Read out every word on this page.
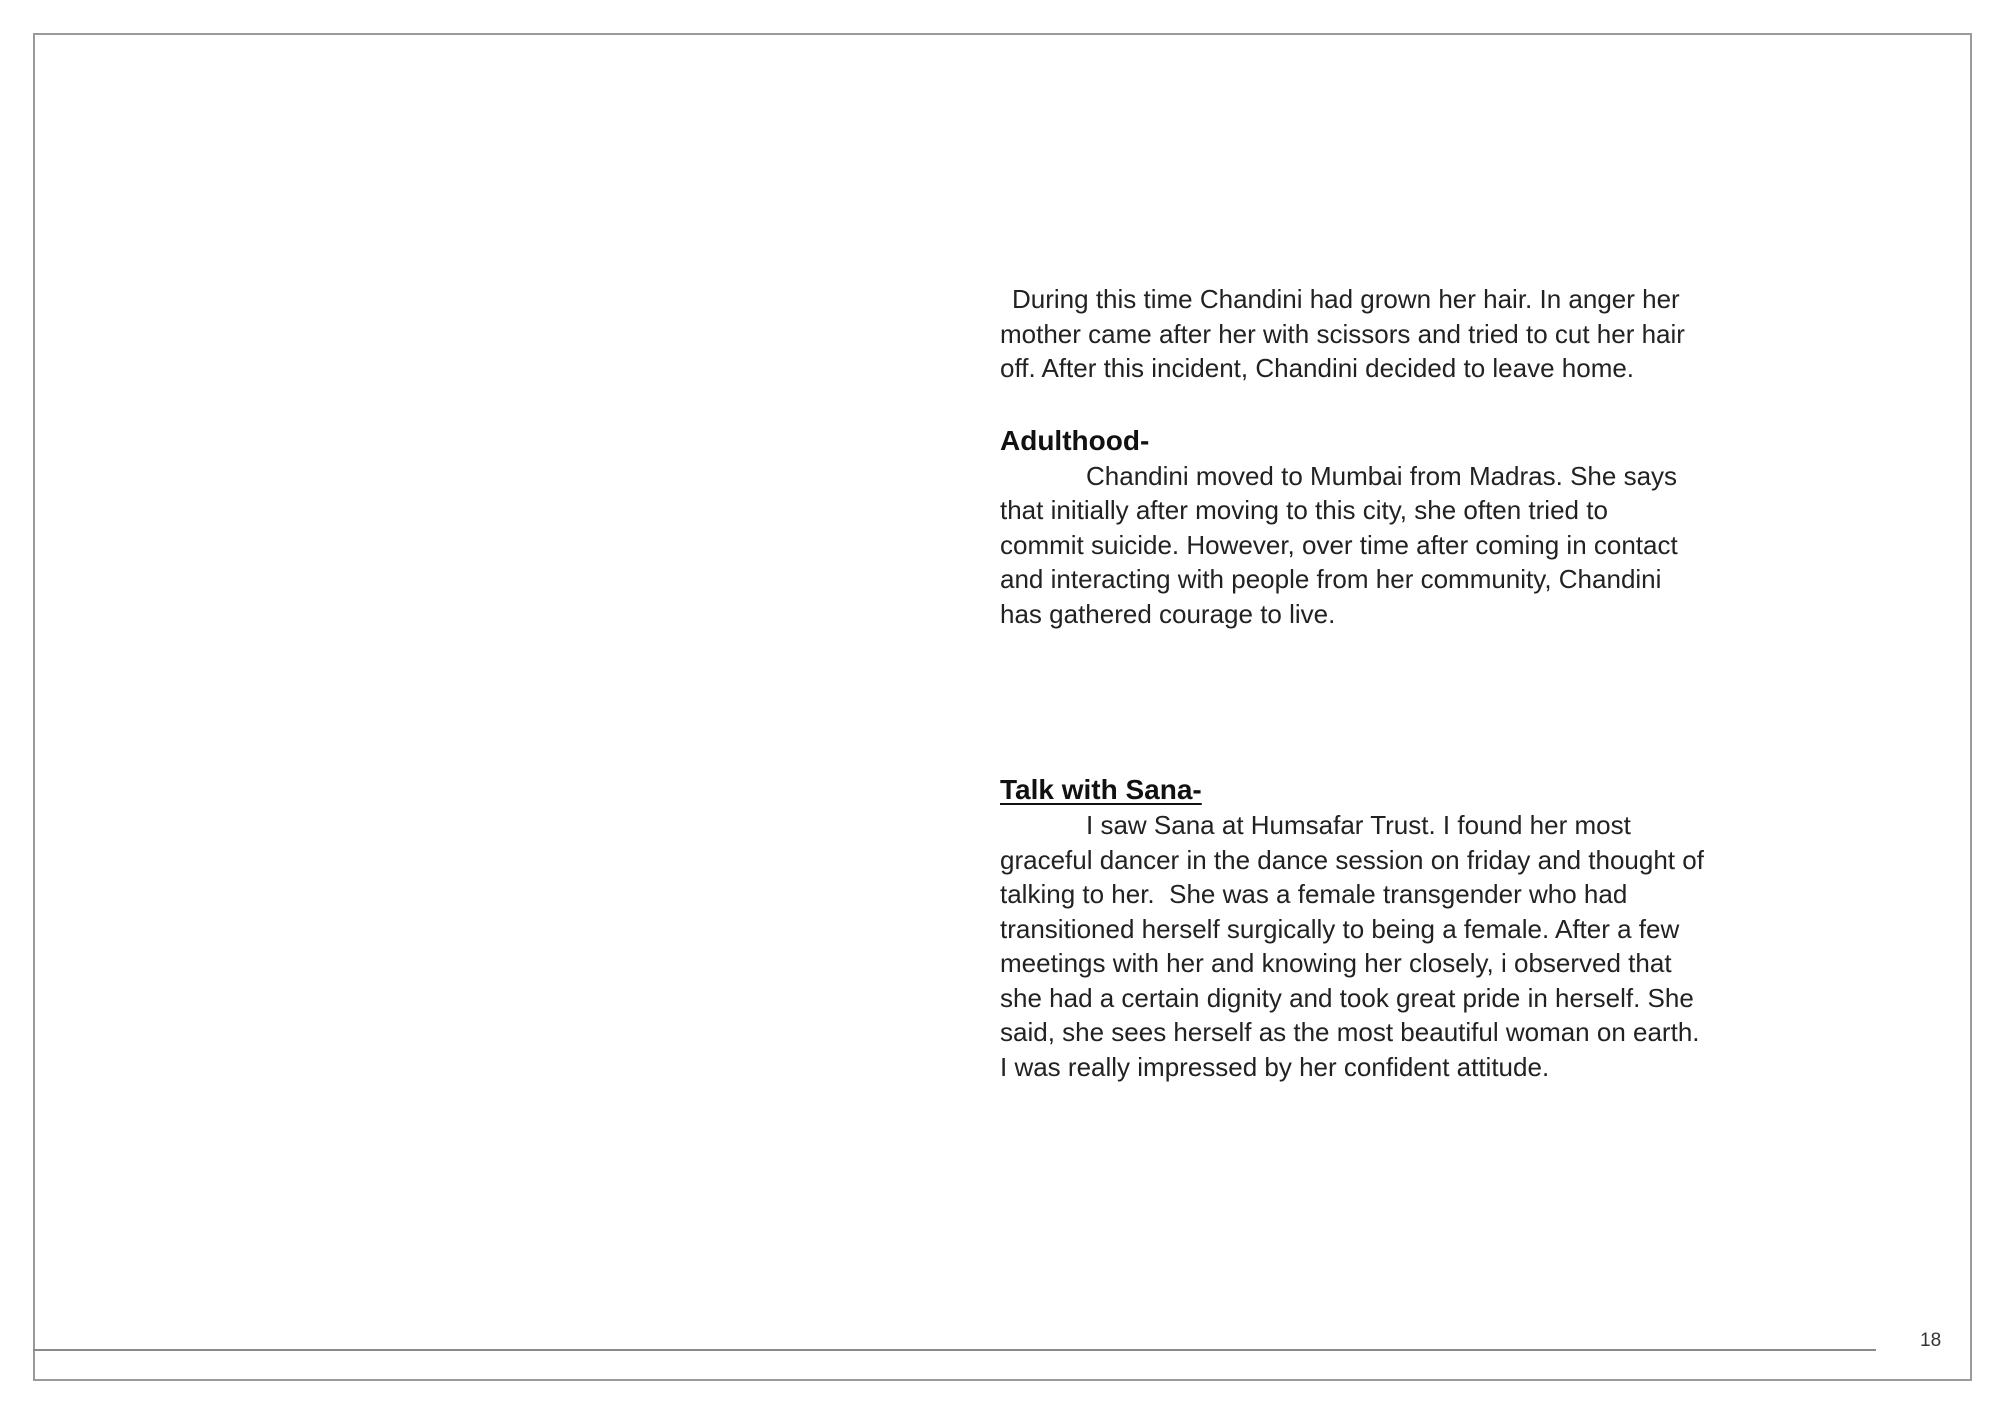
During this time Chandini had grown her hair. In anger her
mother came after her with scissors and tried to cut her hair
off. After this incident, Chandini decided to leave home.

Adulthood-

Chandini moved to Mumbai from Madras. She says
that initially after moving to this city, she often tried to
commit suicide. However, over time after coming in contact
and interacting with people from her community, Chandini
has gathered courage to live.

Talk with Sana-

I saw Sana at Humsafar Trust. I found her most
graceful dancer in the dance session on friday and thought of
talking to her.  She was a female transgender who had
transitioned herself surgically to being a female. After a few
meetings with her and knowing her closely, i observed that
she had a certain dignity and took great pride in herself. She
said, she sees herself as the most beautiful woman on earth.
I was really impressed by her conﬁdent attitude.

18
